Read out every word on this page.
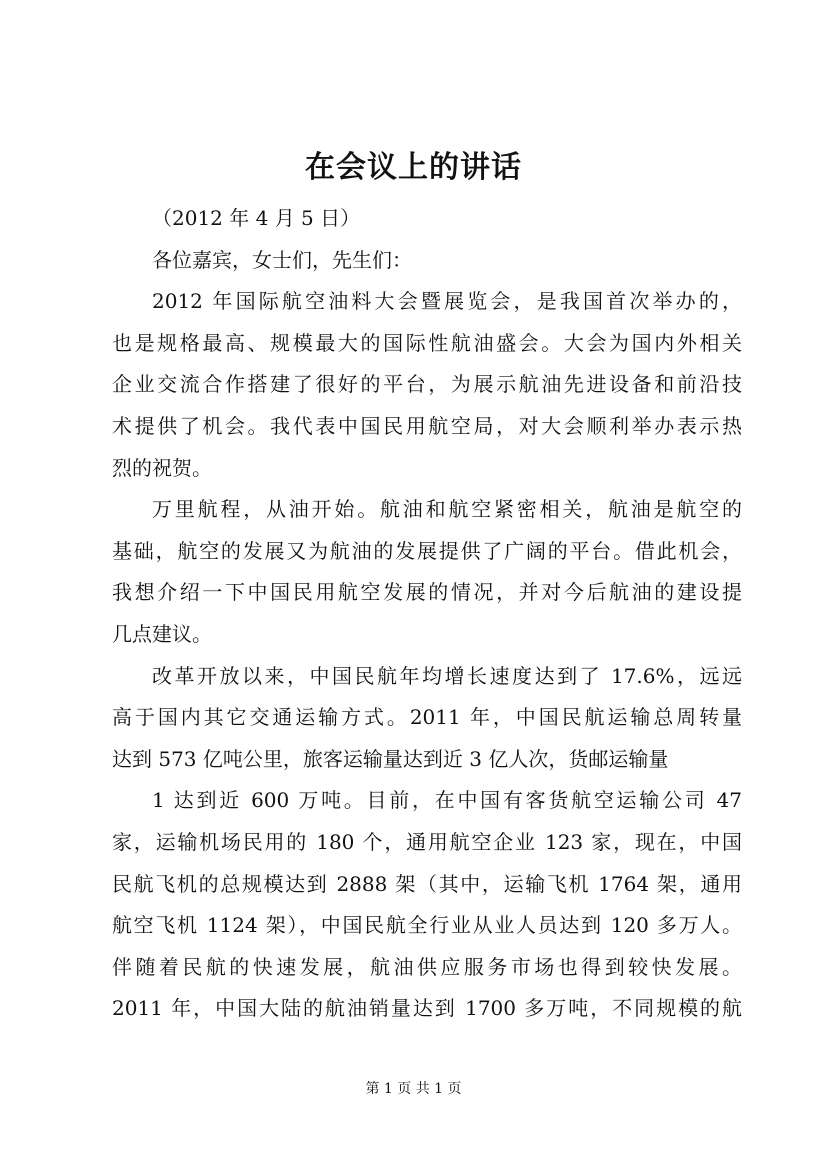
在会议上的讲话
（2012 年 4 月 5 日）
各位嘉宾，女士们，先生们：
2012 年国际航空油料大会暨展览会，是我国首次举办的，
也是规格最高、规模最大的国际性航油盛会。大会为国内外相关
企业交流合作搭建了很好的平台，为展示航油先进设备和前沿技
术提供了机会。我代表中国民用航空局，对大会顺利举办表示热
烈的祝贺。
万里航程，从油开始。航油和航空紧密相关，航油是航空的
基础，航空的发展又为航油的发展提供了广阔的平台。借此机会，
我想介绍一下中国民用航空发展的情况，并对今后航油的建设提
几点建议。
改革开放以来，中国民航年均增长速度达到了 17.6%，远远
高于国内其它交通运输方式。2011 年，中国民航运输总周转量
达到 573 亿吨公里，旅客运输量达到近 3 亿人次，货邮运输量
1 达到近 600 万吨。目前，在中国有客货航空运输公司 47
家，运输机场民用的 180 个，通用航空企业 123 家，现在，中国
民航飞机的总规模达到 2888 架（其中，运输飞机 1764 架，通用
航空飞机 1124 架），中国民航全行业从业人员达到 120 多万人。
伴随着民航的快速发展，航油供应服务市场也得到较快发展。
2011 年，中国大陆的航油销量达到 1700 多万吨，不同规模的航
第 1 页 共 1 页
